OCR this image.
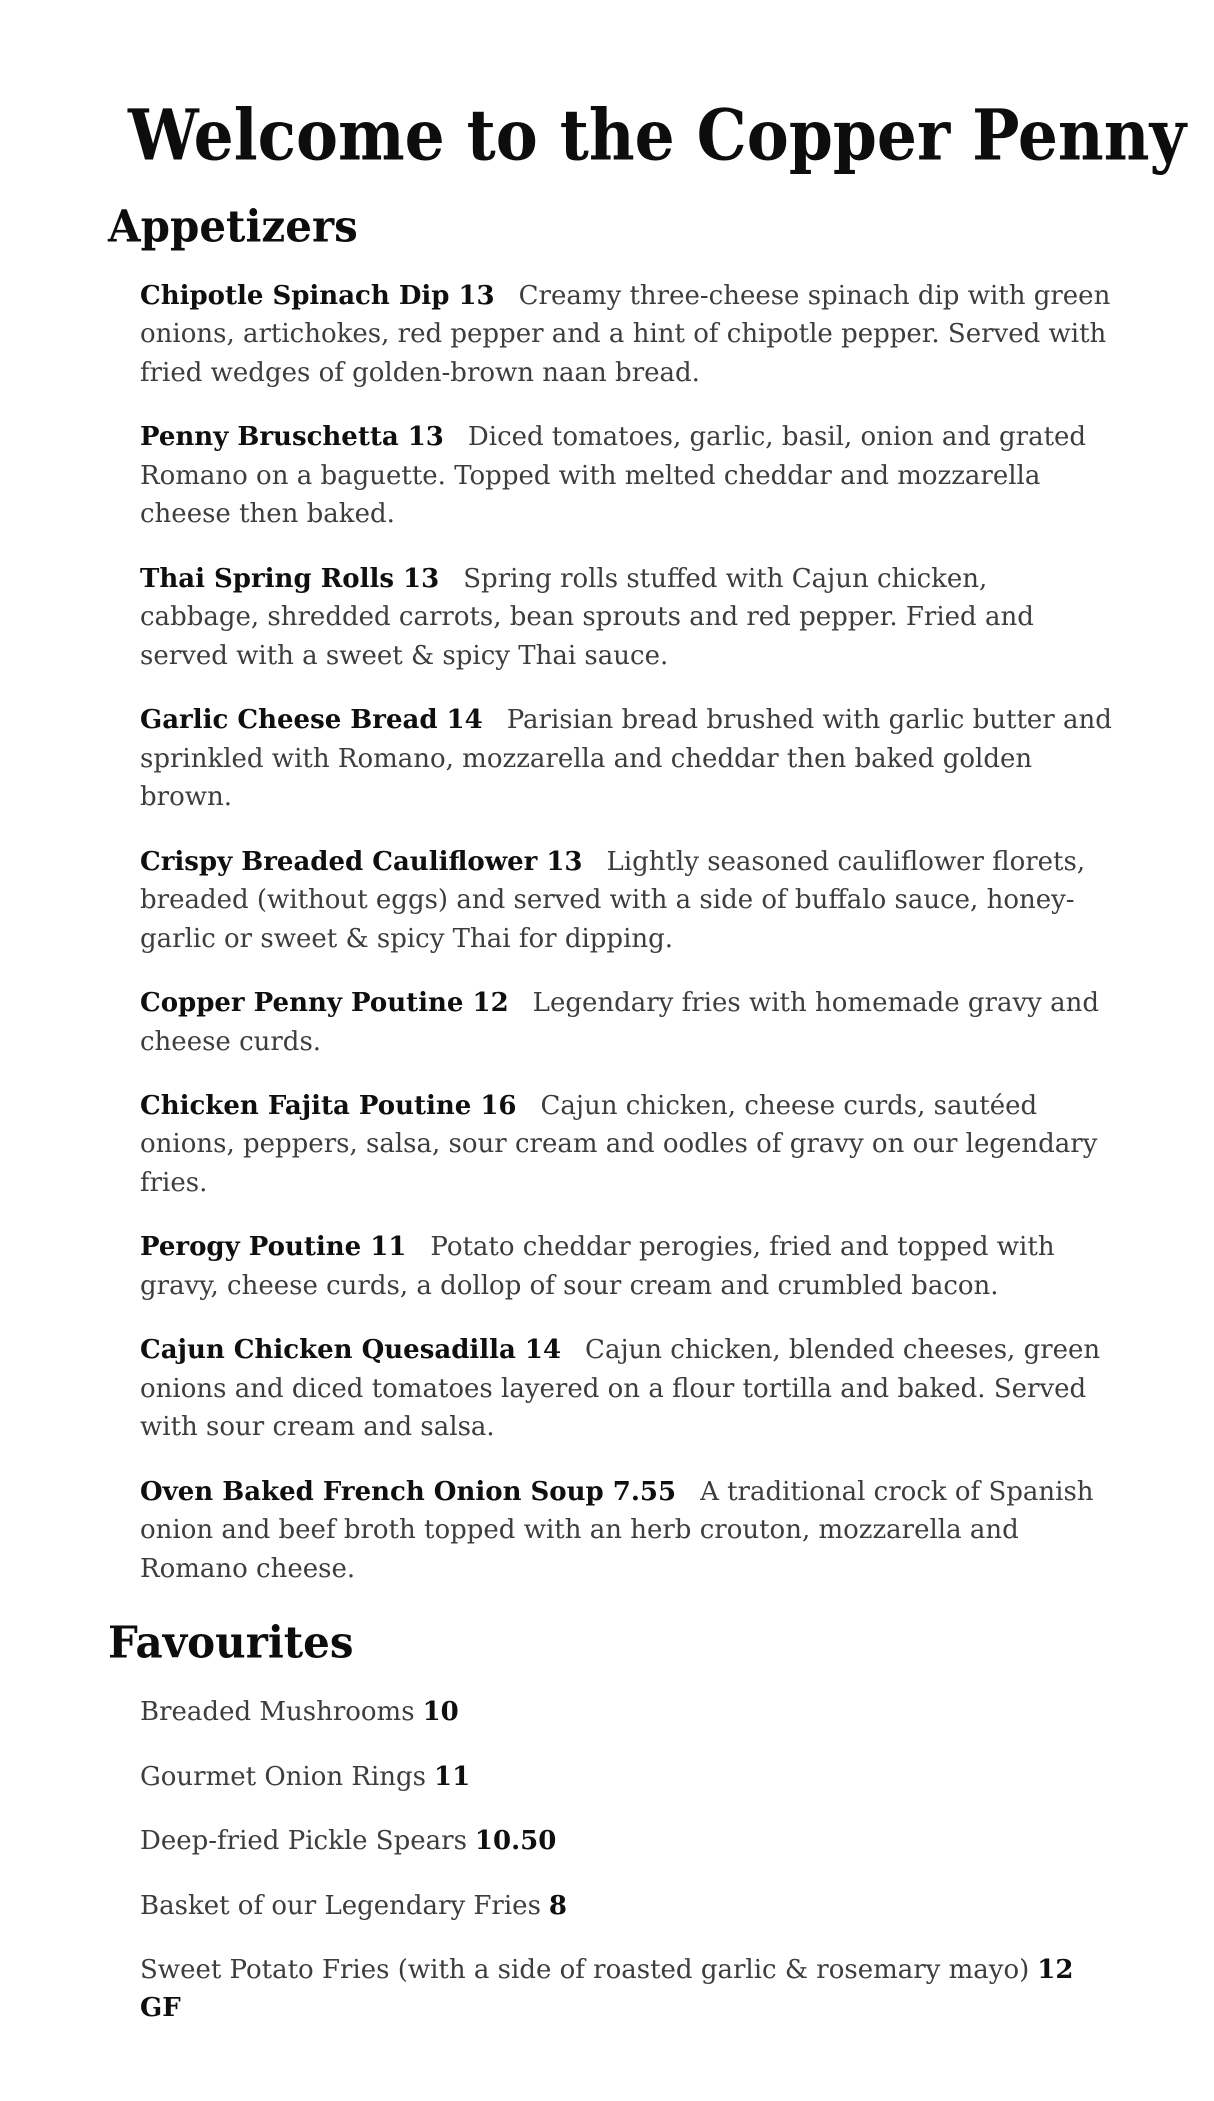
Welcome to the Copper Penny
Appetizers

Chipotle Spinach Dip 13 Creamy three-cheese spinach dip with green onions, artichokes, red pepper and a hint of chipotle pepper. Served with fried wedges of golden-brown naan bread.

Penny Bruschetta 13 Diced tomatoes, garlic, basil, onion and grated Romano on a baguette. Topped with melted cheddar and mozzarella cheese then baked.

Thai Spring Rolls 13 Spring rolls stuffed with Cajun chicken, cabbage, shredded carrots, bean sprouts and red pepper. Fried and served with a sweet & spicy Thai sauce.

Garlic Cheese Bread 14 Parisian bread brushed with garlic butter and sprinkled with Romano, mozzarella and cheddar then baked golden brown.

Crispy Breaded Cauliflower 13 Lightly seasoned cauliflower florets, breaded (without eggs) and served with a side of buffalo sauce, honey-garlic or sweet & spicy Thai for dipping.

Copper Penny Poutine 12 Legendary fries with homemade gravy and cheese curds.

Chicken Fajita Poutine 16 Cajun chicken, cheese curds, sautéed onions, peppers, salsa, sour cream and oodles of gravy on our legendary fries.

Perogy Poutine 11 Potato cheddar perogies, fried and topped with gravy, cheese curds, a dollop of sour cream and crumbled bacon.

Cajun Chicken Quesadilla 14 Cajun chicken, blended cheeses, green onions and diced tomatoes layered on a flour tortilla and baked. Served with sour cream and salsa.

Oven Baked French Onion Soup 7.55 A traditional crock of Spanish onion and beef broth topped with an herb crouton, mozzarella and Romano cheese.

Favourites

Breaded Mushrooms 10

Gourmet Onion Rings 11

Deep-fried Pickle Spears 10.50

Basket of our Legendary Fries 8

Sweet Potato Fries (with a side of roasted garlic & rosemary mayo) 12 GF
